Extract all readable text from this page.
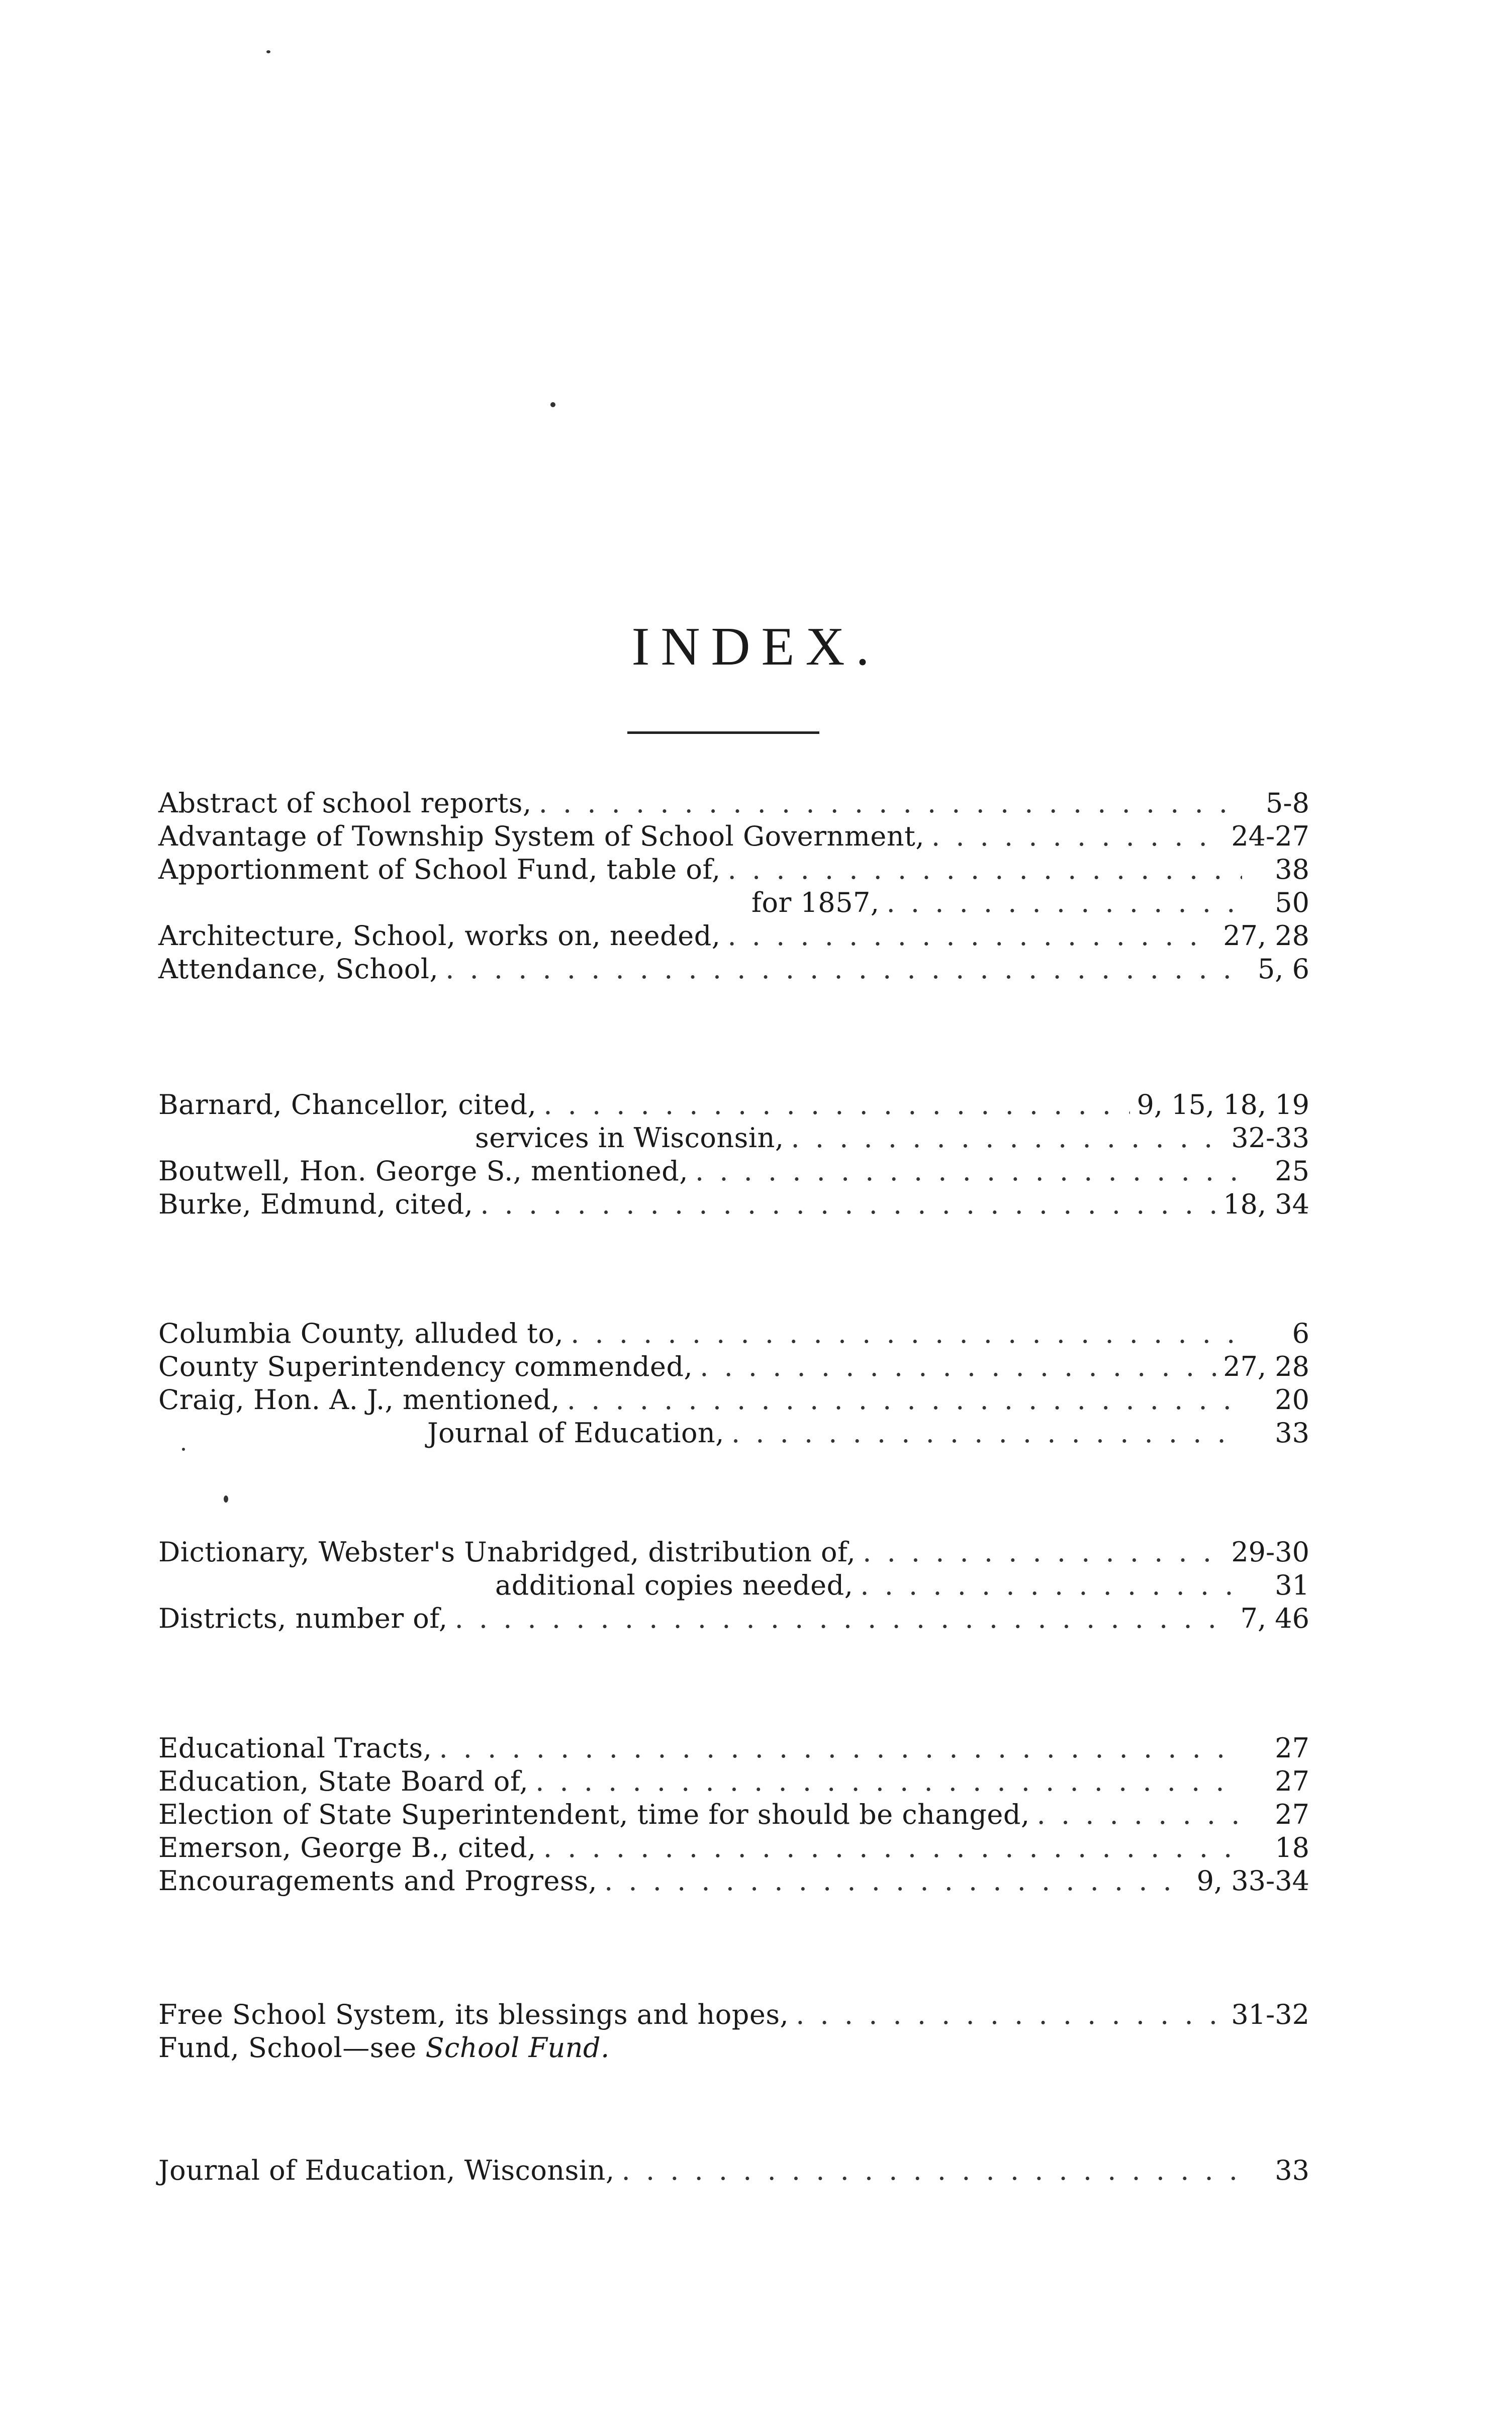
INDEX.
Abstract of school reports, . . .	5-8
Advantage of Township System of School Government, . . .	24-27
Apportionment of School Fund, table of, . . .	38
for 1857, . . .	50
Architecture, School, works on, needed, . . .	27, 28
Attendance, School, . . .	5, 6
Barnard, Chancellor, cited, . . .	9, 15, 18, 19
services in Wisconsin, . . .	32-33
Boutwell, Hon. George S., mentioned, . . .	25
Burke, Edmund, cited, . . .	18, 34
Columbia County, alluded to, . . .	6
County Superintendency commended, . . .	27, 28
Craig, Hon. A. J., mentioned, . . .	20
Journal of Education, . . .	33
Dictionary, Webster's Unabridged, distribution of, . . .	29-30
additional copies needed, . . .	31
Districts, number of, . . .	7, 46
Educational Tracts, . . .	27
Education, State Board of, . . .	27
Election of State Superintendent, time for should be changed, . . .	27
Emerson, George B., cited, . . .	18
Encouragements and Progress, . . .	9, 33-34
Free School System, its blessings and hopes, . . .	31-32
Fund, School—see School Fund.
Journal of Education, Wisconsin, . . .	33
